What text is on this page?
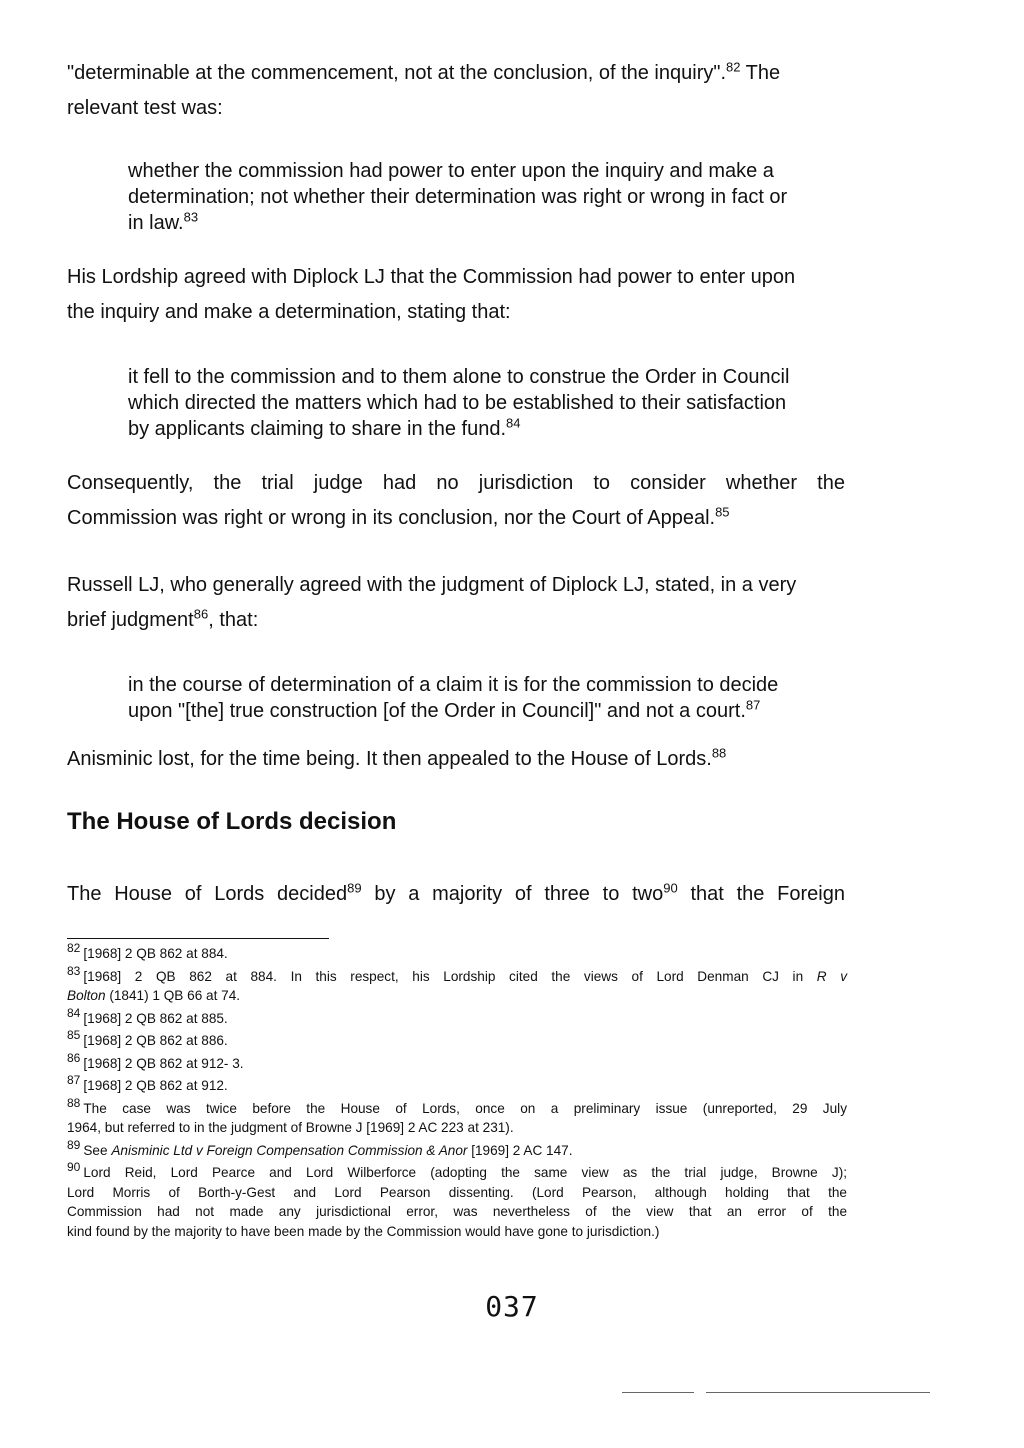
"determinable at the commencement, not at the conclusion, of the inquiry".$^{82}$ The
relevant test was:

whether the commission had power to enter upon the inquiry and make a
determination; not whether their determination was right or wrong in fact or
in law.$^{83}$

His Lordship agreed with Diplock LJ that the Commission had power to enter upon
the inquiry and make a determination, stating that:

it fell to the commission and to them alone to construe the Order in Council
which directed the matters which had to be established to their satisfaction
by applicants claiming to share in the fund.$^{84}$

Consequently, the trial judge had no jurisdiction to consider whether the
Commission was right or wrong in its conclusion, nor the Court of Appeal.$^{85}$

Russell LJ, who generally agreed with the judgment of Diplock LJ, stated, in a very
brief judgment$^{86}$, that:

in the course of determination of a claim it is for the commission to decide
upon "[the] true construction [of the Order in Council]" and not a court.$^{87}$

Anisminic lost, for the time being. It then appealed to the House of Lords.$^{88}$

The House of Lords decision

The House of Lords decided$^{89}$ by a majority of three to two$^{90}$ that the Foreign

82 [1968] 2 QB 862 at 884.

83 [1968] 2 QB 862 at 884. In this respect, his Lordship cited the views of Lord Denman CJ in R v
Bolton (1841) 1 QB 66 at 74.

84 [1968] 2 QB 862 at 885.

85 [1968] 2 QB 862 at 886.

86 [1968] 2 QB 862 at 912- 3.

87 [1968] 2 QB 862 at 912.

88 The case was twice before the House of Lords, once on a preliminary issue (unreported, 29 July
1964, but referred to in the judgment of Browne J [1969] 2 AC 223 at 231).

89 See Anisminic Ltd v Foreign Compensation Commission & Anor [1969] 2 AC 147.

90 Lord Reid, Lord Pearce and Lord Wilberforce (adopting the same view as the trial judge, Browne J);
Lord Morris of Borth-y-Gest and Lord Pearson dissenting. (Lord Pearson, although holding that the
Commission had not made any jurisdictional error, was nevertheless of the view that an error of the
kind found by the majority to have been made by the Commission would have gone to jurisdiction.)

037
